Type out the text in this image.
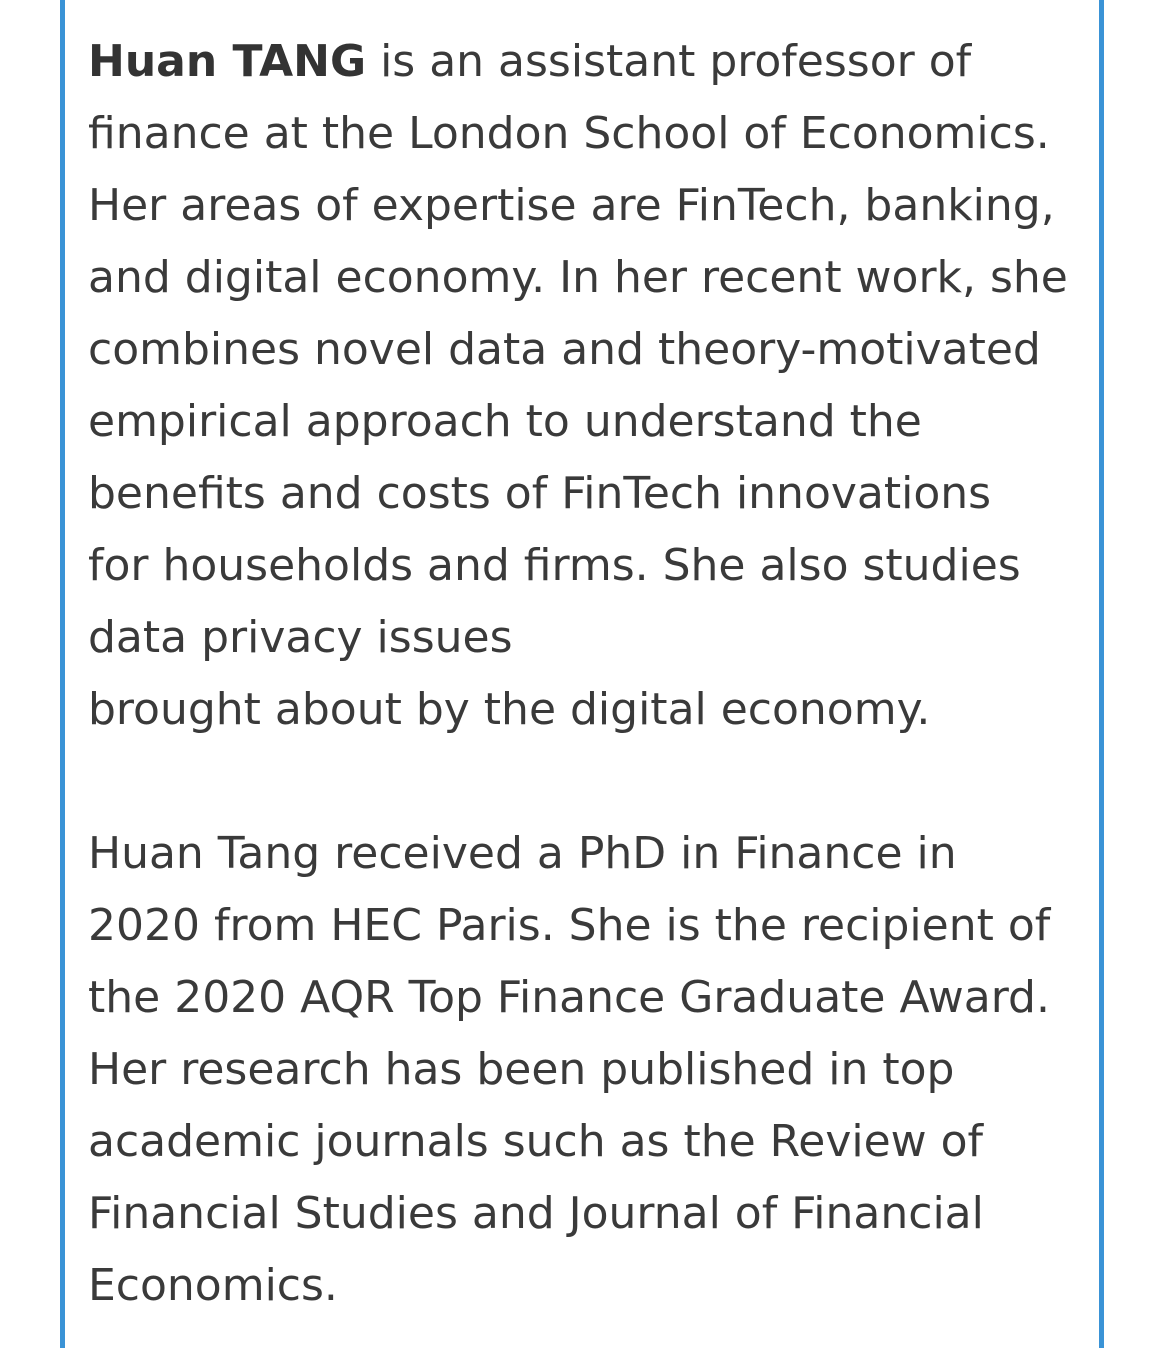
Huan TANG is an assistant professor of
finance at the London School of Economics.
Her areas of expertise are FinTech, banking,
and digital economy. In her recent work, she
combines novel data and theory-motivated
empirical approach to understand the
benefits and costs of FinTech innovations
for households and firms. She also studies
data privacy issues
brought about by the digital economy.

Huan Tang received a PhD in Finance in
2020 from HEC Paris. She is the recipient of
the 2020 AQR Top Finance Graduate Award.
Her research has been published in top
academic journals such as the Review of
Financial Studies and Journal of Financial
Economics.
